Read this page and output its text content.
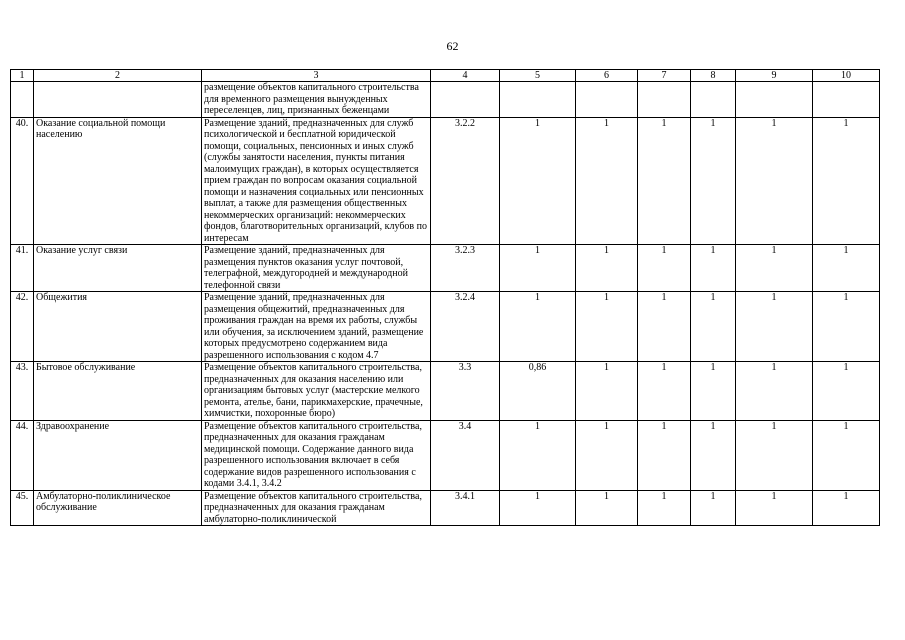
62
1	2	3	4	5	6	7	8	9	10
		размещение объектов капитального строительства для временного размещения вынужденных переселенцев, лиц, признанных беженцами							
40.	Оказание социальной помощи населению	Размещение зданий, предназначенных для служб психологической и бесплатной юридической помощи, социальных, пенсионных и иных служб (службы занятости населения, пункты питания малоимущих граждан), в которых осуществляется прием граждан по вопросам оказания социальной помощи и назначения социальных или пенсионных выплат, а также для размещения общественных некоммерческих организаций: некоммерческих фондов, благотворительных организаций, клубов по интересам	3.2.2	1	1	1	1	1	1
41.	Оказание услуг связи	Размещение зданий, предназначенных для размещения пунктов оказания услуг почтовой, телеграфной, междугородней и международной телефонной связи	3.2.3	1	1	1	1	1	1
42.	Общежития	Размещение зданий, предназначенных для размещения общежитий, предназначенных для проживания граждан на время их работы, службы или обучения, за исключением зданий, размещение которых предусмотрено содержанием вида разрешенного использования с кодом 4.7	3.2.4	1	1	1	1	1	1
43.	Бытовое обслуживание	Размещение объектов капитального строительства, предназначенных для оказания населению или организациям бытовых услуг (мастерские мелкого ремонта, ателье, бани, парикмахерские, прачечные, химчистки, похоронные бюро)	3.3	0,86	1	1	1	1	1
44.	Здравоохранение	Размещение объектов капитального строительства, предназначенных для оказания гражданам медицинской помощи. Содержание данного вида разрешенного использования включает в себя содержание видов разрешенного использования с кодами 3.4.1, 3.4.2	3.4	1	1	1	1	1	1
45.	Амбулаторно-поликлиническое обслуживание	Размещение объектов капитального строительства, предназначенных для оказания гражданам амбулаторно-поликлинической	3.4.1	1	1	1	1	1	1
